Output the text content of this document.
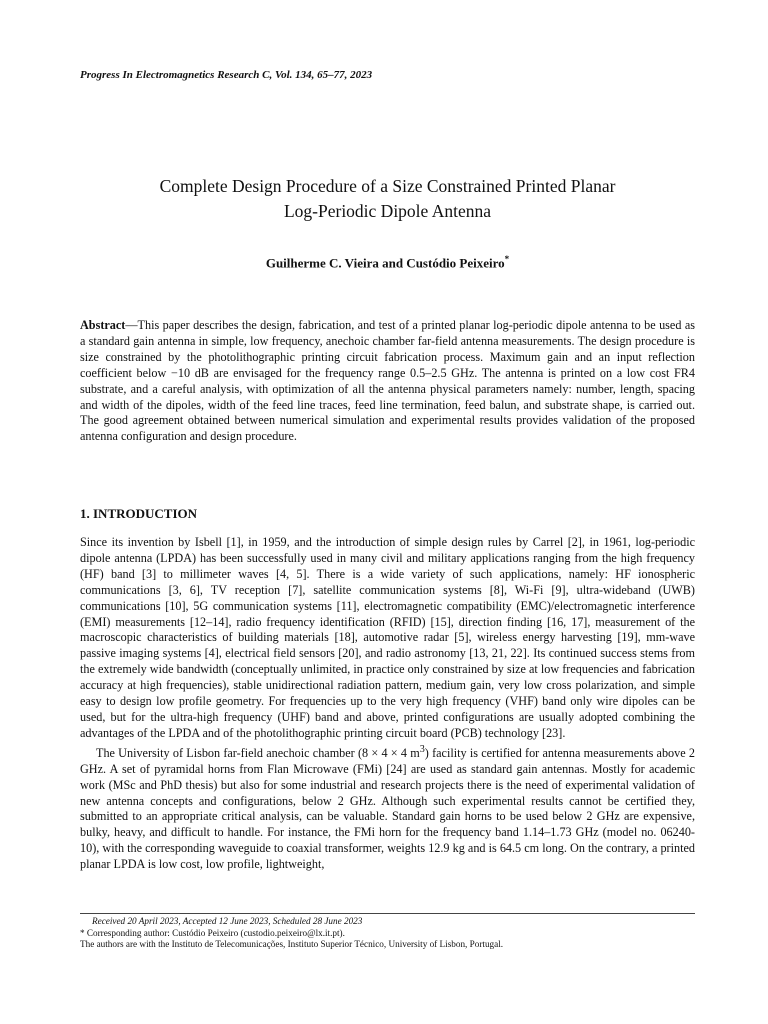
Progress In Electromagnetics Research C, Vol. 134, 65–77, 2023
Complete Design Procedure of a Size Constrained Printed Planar
Log-Periodic Dipole Antenna
Guilherme C. Vieira and Custódio Peixeiro*
Abstract—This paper describes the design, fabrication, and test of a printed planar log-periodic dipole antenna to be used as a standard gain antenna in simple, low frequency, anechoic chamber far-field antenna measurements. The design procedure is size constrained by the photolithographic printing circuit fabrication process. Maximum gain and an input reflection coefficient below −10 dB are envisaged for the frequency range 0.5–2.5 GHz. The antenna is printed on a low cost FR4 substrate, and a careful analysis, with optimization of all the antenna physical parameters namely: number, length, spacing and width of the dipoles, width of the feed line traces, feed line termination, feed balun, and substrate shape, is carried out. The good agreement obtained between numerical simulation and experimental results provides validation of the proposed antenna configuration and design procedure.
1. INTRODUCTION

Since its invention by Isbell [1], in 1959, and the introduction of simple design rules by Carrel [2], in 1961, log-periodic dipole antenna (LPDA) has been successfully used in many civil and military applications ranging from the high frequency (HF) band [3] to millimeter waves [4, 5]. There is a wide variety of such applications, namely: HF ionospheric communications [3, 6], TV reception [7], satellite communication systems [8], Wi-Fi [9], ultra-wideband (UWB) communications [10], 5G communication systems [11], electromagnetic compatibility (EMC)/electromagnetic interference (EMI) measurements [12–14], radio frequency identification (RFID) [15], direction finding [16, 17], measurement of the macroscopic characteristics of building materials [18], automotive radar [5], wireless energy harvesting [19], mm-wave passive imaging systems [4], electrical field sensors [20], and radio astronomy [13, 21, 22]. Its continued success stems from the extremely wide bandwidth (conceptually unlimited, in practice only constrained by size at low frequencies and fabrication accuracy at high frequencies), stable unidirectional radiation pattern, medium gain, very low cross polarization, and simple easy to design low profile geometry. For frequencies up to the very high frequency (VHF) band only wire dipoles can be used, but for the ultra-high frequency (UHF) band and above, printed configurations are usually adopted combining the advantages of the LPDA and of the photolithographic printing circuit board (PCB) technology [23].

The University of Lisbon far-field anechoic chamber (8 × 4 × 4 $m^3$) facility is certified for antenna measurements above 2 GHz. A set of pyramidal horns from Flan Microwave (FMi) [24] are used as standard gain antennas. Mostly for academic work (MSc and PhD thesis) but also for some industrial and research projects there is the need of experimental validation of new antenna concepts and configurations, below 2 GHz. Although such experimental results cannot be certified they, submitted to an appropriate critical analysis, can be valuable. Standard gain horns to be used below 2 GHz are expensive, bulky, heavy, and difficult to handle. For instance, the FMi horn for the frequency band 1.14–1.73 GHz (model no. 06240-10), with the corresponding waveguide to coaxial transformer, weights 12.9 kg and is 64.5 cm long. On the contrary, a printed planar LPDA is low cost, low profile, lightweight,

Received 20 April 2023, Accepted 12 June 2023, Scheduled 28 June 2023
* Corresponding author: Custódio Peixeiro (custodio.peixeiro@lx.it.pt).
The authors are with the Instituto de Telecomunicações, Instituto Superior Técnico, University of Lisbon, Portugal.
